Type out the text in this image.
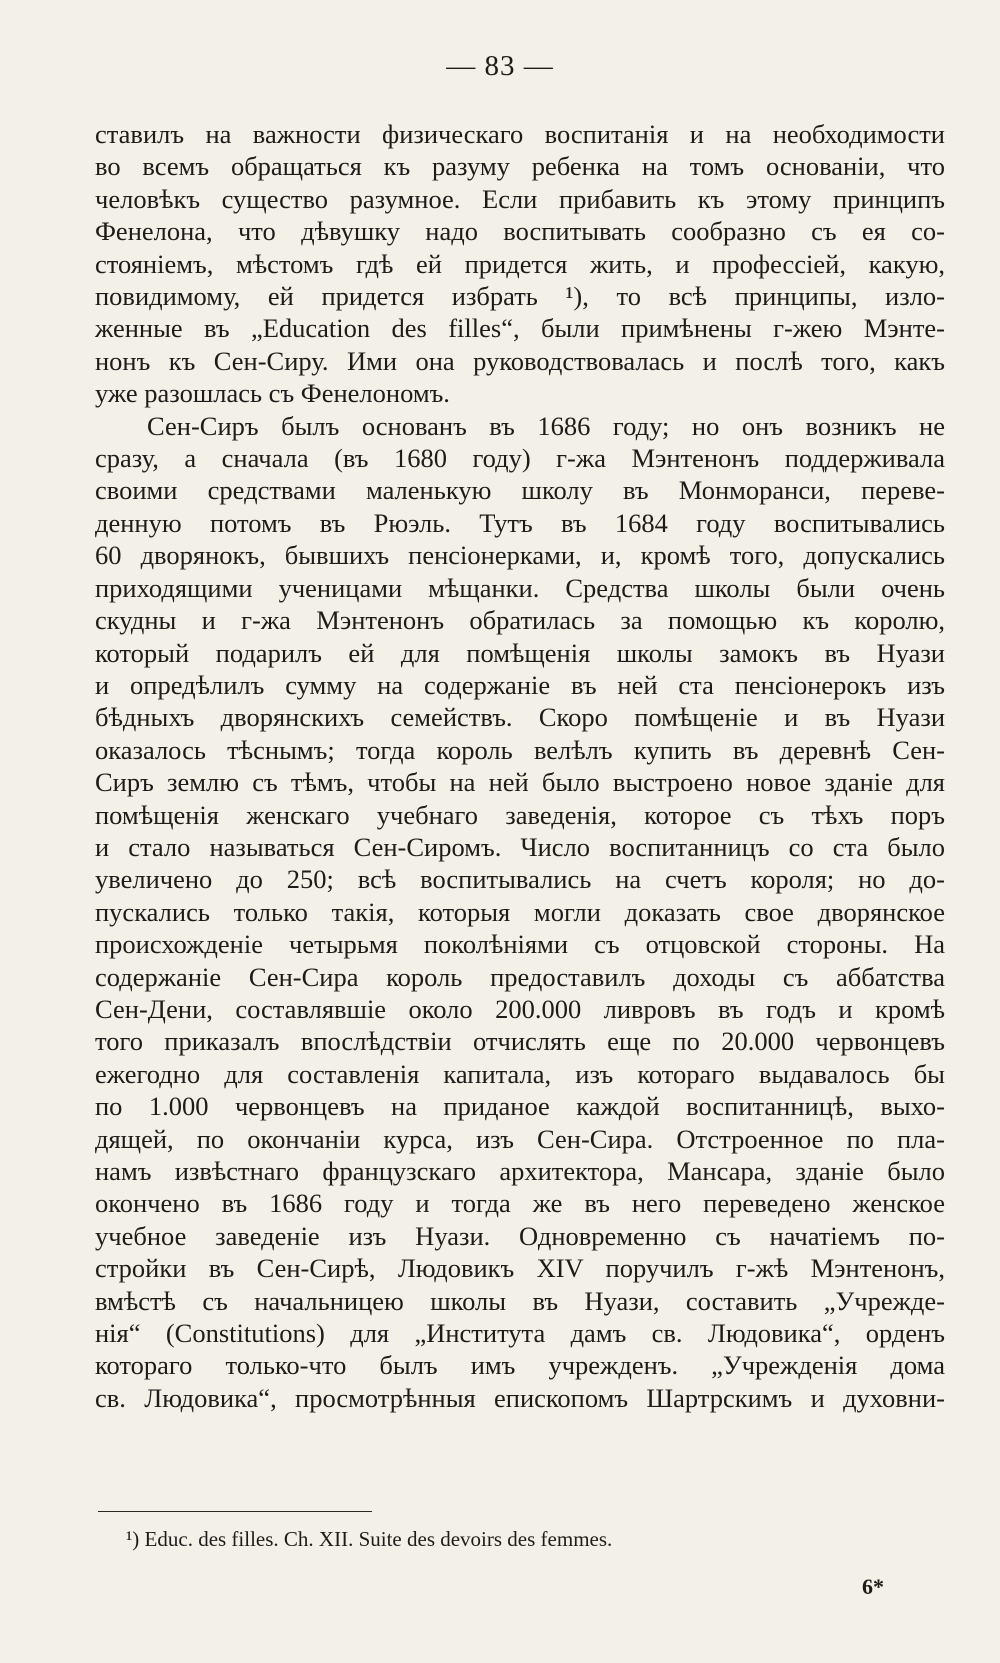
— 83 —
ставилъ на важности физическаго воспитанія и на необходимости
во всемъ обращаться къ разуму ребенка на томъ основаніи, что
человѣкъ существо разумное. Если прибавить къ этому принципъ
Фенелона, что дѣвушку надо воспитывать сообразно съ ея со-
стояніемъ, мѣстомъ гдѣ ей придется жить, и профессіей, какую,
повидимому, ей придется избрать ¹), то всѣ принципы, изло-
женные въ „Education des filles“, были примѣнены г-жею Мэнте-
нонъ къ Сен-Сиру. Ими она руководствовалась и послѣ того, какъ
уже разошлась съ Фенелономъ.
Сен-Сиръ былъ основанъ въ 1686 году; но онъ возникъ не
сразу, а сначала (въ 1680 году) г-жа Мэнтенонъ поддерживала
своими средствами маленькую школу въ Монморанси, переве-
денную потомъ въ Рюэль. Тутъ въ 1684 году воспитывались
60 дворянокъ, бывшихъ пенсіонерками, и, кромѣ того, допускались
приходящими ученицами мѣщанки. Средства школы были очень
скудны и г-жа Мэнтенонъ обратилась за помощью къ королю,
который подарилъ ей для помѣщенія школы замокъ въ Нуази
и опредѣлилъ сумму на содержаніе въ ней ста пенсіонерокъ изъ
бѣдныхъ дворянскихъ семействъ. Скоро помѣщеніе и въ Нуази
оказалось тѣснымъ; тогда король велѣлъ купить въ деревнѣ Сен-
Сиръ землю съ тѣмъ, чтобы на ней было выстроено новое зданіе для
помѣщенія женскаго учебнаго заведенія, которое съ тѣхъ поръ
и стало называться Сен-Сиромъ. Число воспитанницъ со ста было
увеличено до 250; всѣ воспитывались на счетъ короля; но до-
пускались только такія, которыя могли доказать свое дворянское
происхожденіе четырьмя поколѣніями съ отцовской стороны. На
содержаніе Сен-Сира король предоставилъ доходы съ аббатства
Сен-Дени, составлявшіе около 200.000 ливровъ въ годъ и кромѣ
того приказалъ впослѣдствіи отчислять еще по 20.000 червонцевъ
ежегодно для составленія капитала, изъ котораго выдавалось бы
по 1.000 червонцевъ на приданое каждой воспитанницѣ, выхо-
дящей, по окончаніи курса, изъ Сен-Сира. Отстроенное по пла-
намъ извѣстнаго французскаго архитектора, Мансара, зданіе было
окончено въ 1686 году и тогда же въ него переведено женское
учебное заведеніе изъ Нуази. Одновременно съ начатіемъ по-
стройки въ Сен-Сирѣ, Людовикъ XIV поручилъ г-жѣ Мэнтенонъ,
вмѣстѣ съ начальницею школы въ Нуази, составить „Учрежде-
нія“ (Constitutions) для „Института дамъ св. Людовика“, орденъ
котораго только-что былъ имъ учрежденъ. „Учрежденія дома
св. Людовика“, просмотрѣнныя епископомъ Шартрскимъ и духовни-
¹) Educ. des filles. Ch. XII. Suite des devoirs des femmes.
6*
